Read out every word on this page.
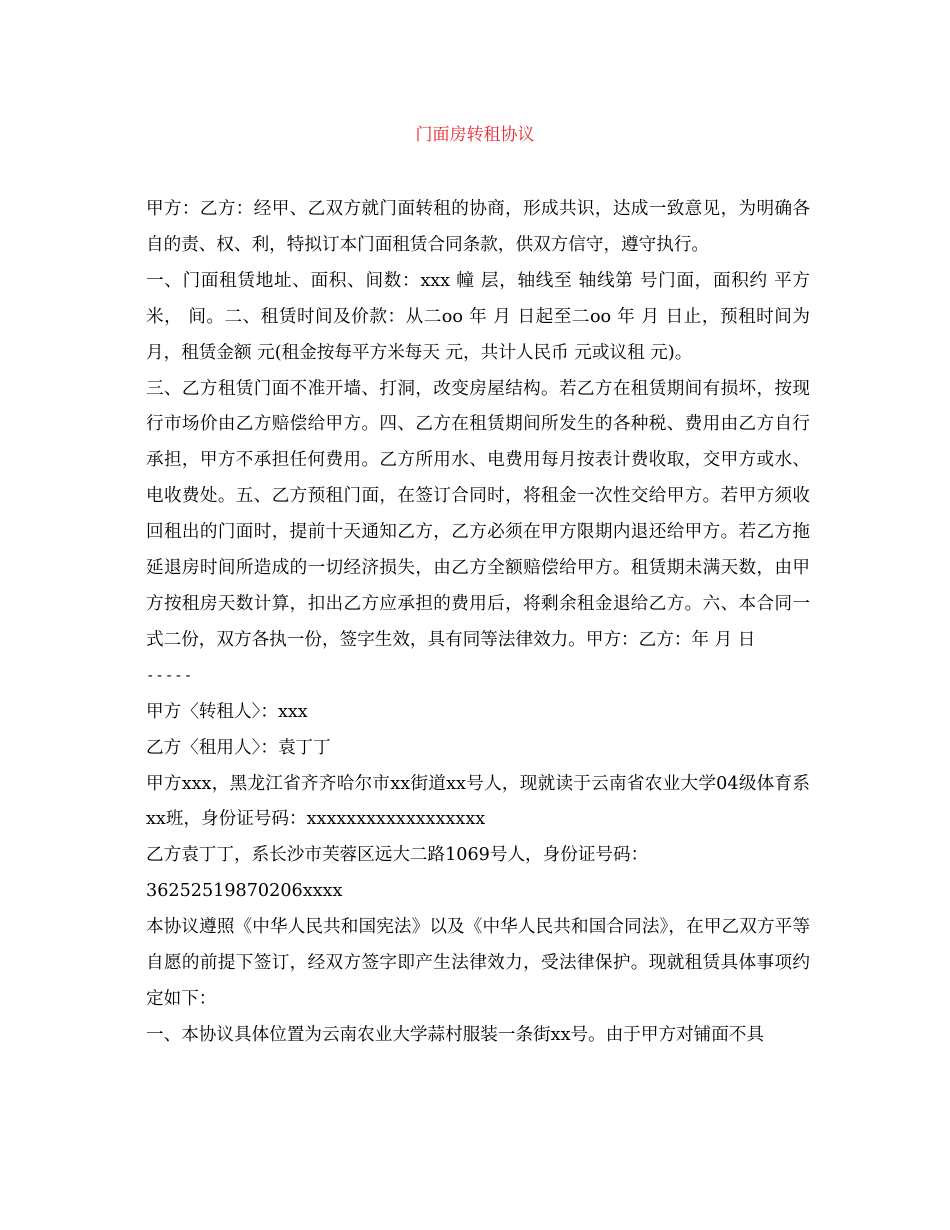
门面房转租协议

甲方：乙方：经甲、乙双方就门面转租的协商，形成共识，达成一致意见，为明确各自的责、权、利，特拟订本门面租赁合同条款，供双方信守，遵守执行。

一、门面租赁地址、面积、间数：xxx 幢 层，轴线至 轴线第 号门面，面积约 平方米， 间。二、租赁时间及价款：从二oo 年 月 日起至二oo 年 月 日止，预租时间为 月，租赁金额 元(租金按每平方米每天 元，共计人民币 元或议租 元)。

三、乙方租赁门面不准开墙、打洞，改变房屋结构。若乙方在租赁期间有损坏，按现行市场价由乙方赔偿给甲方。四、乙方在租赁期间所发生的各种税、费用由乙方自行承担，甲方不承担任何费用。乙方所用水、电费用每月按表计费收取，交甲方或水、电收费处。五、乙方预租门面，在签订合同时，将租金一次性交给甲方。若甲方须收回租出的门面时，提前十天通知乙方，乙方必须在甲方限期内退还给甲方。若乙方拖延退房时间所造成的一切经济损失，由乙方全额赔偿给甲方。租赁期未满天数，由甲方按租房天数计算，扣出乙方应承担的费用后，将剩余租金退给乙方。六、本合同一式二份，双方各执一份，签字生效，具有同等法律效力。甲方：乙方：年 月 日

-----

甲方〈转租人〉：xxx

乙方〈租用人〉：袁丁丁

甲方xxx，黑龙江省齐齐哈尔市xx街道xx号人，现就读于云南省农业大学04级体育系xx班，身份证号码：xxxxxxxxxxxxxxxxxx

乙方袁丁丁，系长沙市芙蓉区远大二路1069号人，身份证号码：

36252519870206xxxx

本协议遵照《中华人民共和国宪法》以及《中华人民共和国合同法》，在甲乙双方平等自愿的前提下签订，经双方签字即产生法律效力，受法律保护。现就租赁具体事项约定如下：

一、本协议具体位置为云南农业大学蒜村服装一条街xx号。由于甲方对铺面不具
